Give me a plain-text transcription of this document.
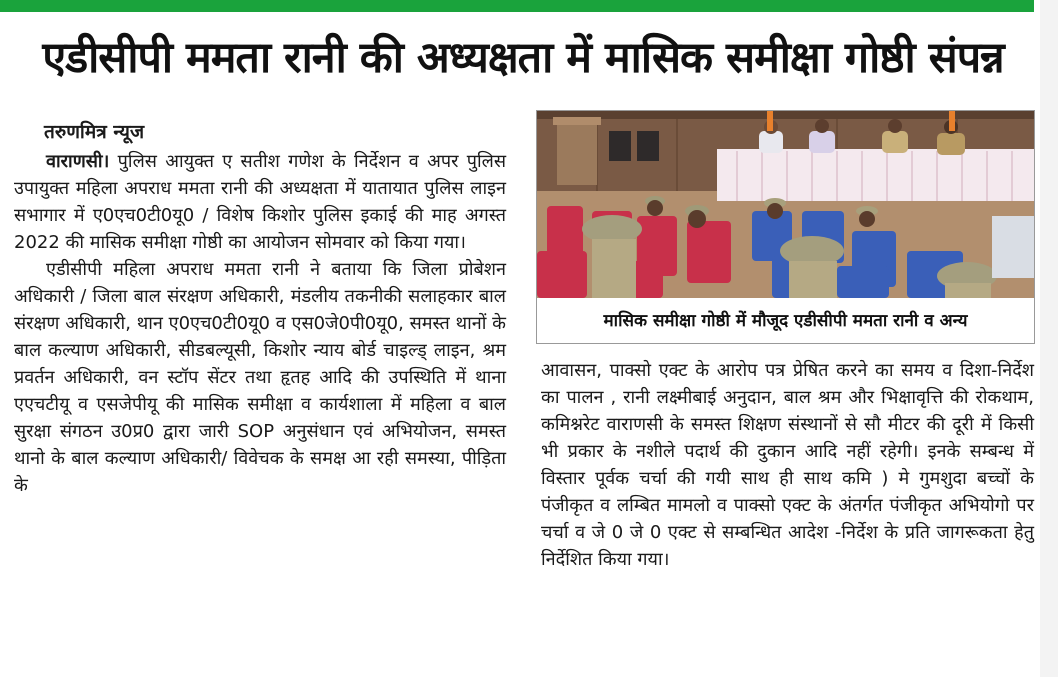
एडीसीपी ममता रानी की अध्यक्षता में मासिक समीक्षा गोष्ठी संपन्न
तरुणमित्र न्यूज

वाराणसी। पुलिस आयुक्त ए सतीश गणेश के निर्देशन व अपर पुलिस उपायुक्त महिला अपराध ममता रानी की अध्यक्षता में यातायात पुलिस लाइन सभागार में ए0एच0टी0यू0 / विशेष किशोर पुलिस इकाई की माह अगस्त 2022 की मासिक समीक्षा गोष्ठी का आयोजन सोमवार को किया गया।

एडीसीपी महिला अपराध ममता रानी ने बताया कि जिला प्रोबेशन अधिकारी / जिला बाल संरक्षण अधिकारी, मंडलीय तकनीकी सलाहकार बाल संरक्षण अधिकारी, थान ए0एच0टी0यू0 व एस0जे0पी0यू0, समस्त थानों के बाल कल्याण अधिकारी, सीडबल्यूसी, किशोर न्याय बोर्ड चाइल्ड् लाइन, श्रम प्रवर्तन अधिकारी, वन स्टॉप सेंटर तथा हृतह आदि की उपस्थिति में थाना एएचटीयू व एसजेपीयू की मासिक समीक्षा व कार्यशाला में महिला व बाल सुरक्षा संगठन उ0प्र0 द्वारा जारी SOP अनुसंधान एवं अभियोजन, समस्त थानो के बाल कल्याण अधिकारी/ विवेचक के समक्ष आ रही समस्या, पीड़िता के

मासिक समीक्षा गोष्ठी में मौजूद एडीसीपी ममता रानी व अन्य

आवासन, पाक्सो एक्ट के आरोप पत्र प्रेषित करने का समय व दिशा-निर्देश का पालन , रानी लक्ष्मीबाई अनुदान, बाल श्रम और भिक्षावृत्ति की रोकथाम, कमिश्नरेट वाराणसी के समस्त शिक्षण संस्थानों से सौ मीटर की दूरी में किसी भी प्रकार के नशीले पदार्थ की दुकान आदि नहीं रहेगी। इनके सम्बन्ध में विस्तार पूर्वक चर्चा की गयी साथ ही साथ कमि ) मे गुमशुदा बच्चों के पंजीकृत व लम्बित मामलो व पाक्सो एक्ट के अंतर्गत पंजीकृत अभियोगो पर चर्चा व जे 0 जे 0 एक्ट से सम्बन्धित आदेश -निर्देश के प्रति जागरूकता हेतु निर्देशित किया गया।
